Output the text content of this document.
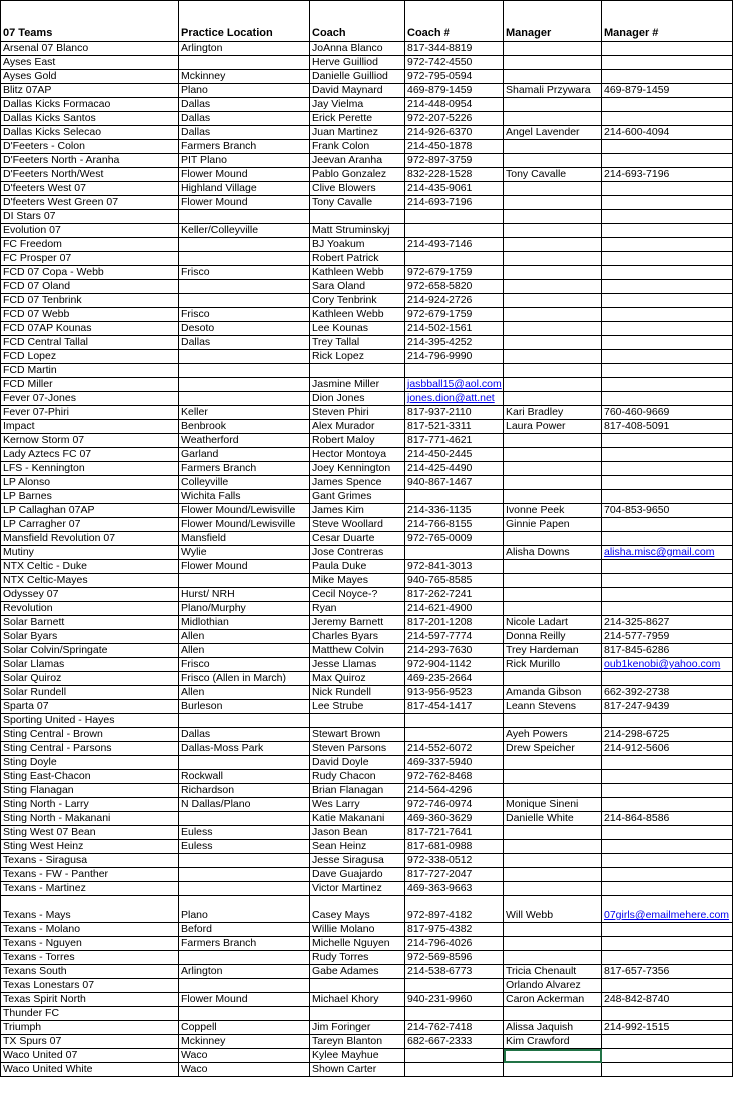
07 Teams	Practice Location	Coach	Coach #	Manager	Manager #
Arsenal 07 Blanco	Arlington	JoAnna Blanco	817-344-8819		
Ayses East		Herve Guilliod	972-742-4550		
Ayses Gold	Mckinney	Danielle Guilliod	972-795-0594		
Blitz 07AP	Plano	David Maynard	469-879-1459	Shamali Przywara	469-879-1459
Dallas Kicks Formacao	Dallas	Jay Vielma	214-448-0954		
Dallas Kicks Santos	Dallas	Erick Perette	972-207-5226		
Dallas Kicks Selecao	Dallas	Juan Martinez	214-926-6370	Angel Lavender	214-600-4094
D'Feeters - Colon	Farmers Branch	Frank Colon	214-450-1878		
D'Feeters North - Aranha	PIT Plano	Jeevan Aranha	972-897-3759		
D'Feeters North/West	Flower Mound	Pablo Gonzalez	832-228-1528	Tony Cavalle	214-693-7196
D'feeters West 07	Highland Village	Clive Blowers	214-435-9061		
D'feeters West Green 07	Flower Mound	Tony Cavalle	214-693-7196		
DI Stars 07					
Evolution 07	Keller/Colleyville	Matt Struminskyj			
FC Freedom		BJ Yoakum	214-493-7146		
FC Prosper 07		Robert Patrick			
FCD 07 Copa - Webb	Frisco	Kathleen Webb	972-679-1759		
FCD 07 Oland		Sara Oland	972-658-5820		
FCD 07 Tenbrink		Cory Tenbrink	214-924-2726		
FCD 07 Webb	Frisco	Kathleen Webb	972-679-1759		
FCD 07AP Kounas	Desoto	Lee Kounas	214-502-1561		
FCD Central Tallal	Dallas	Trey Tallal	214-395-4252		
FCD Lopez		Rick Lopez	214-796-9990		
FCD Martin					
FCD Miller		Jasmine Miller	jasbball15@aol.com		
Fever 07-Jones		Dion Jones	jones.dion@att.net		
Fever 07-Phiri	Keller	Steven Phiri	817-937-2110	Kari Bradley	760-460-9669
Impact	Benbrook	Alex Murador	817-521-3311	Laura Power	817-408-5091
Kernow Storm 07	Weatherford	Robert Maloy	817-771-4621		
Lady Aztecs FC 07	Garland	Hector Montoya	214-450-2445		
LFS - Kennington	Farmers Branch	Joey Kennington	214-425-4490		
LP Alonso	Colleyville	James Spence	940-867-1467		
LP Barnes	Wichita Falls	Gant Grimes			
LP Callaghan 07AP	Flower Mound/Lewisville	James Kim	214-336-1135	Ivonne Peek	704-853-9650
LP Carragher 07	Flower Mound/Lewisville	Steve Woollard	214-766-8155	Ginnie Papen	
Mansfield Revolution 07	Mansfield	Cesar Duarte	972-765-0009		
Mutiny	Wylie	Jose Contreras		Alisha Downs	alisha.misc@gmail.com
NTX Celtic - Duke	Flower Mound	Paula Duke	972-841-3013		
NTX Celtic-Mayes		Mike Mayes	940-765-8585		
Odyssey 07	Hurst/ NRH	Cecil Noyce-?	817-262-7241		
Revolution	Plano/Murphy	Ryan	214-621-4900		
Solar Barnett	Midlothian	Jeremy Barnett	817-201-1208	Nicole Ladart	214-325-8627
Solar Byars	Allen	Charles Byars	214-597-7774	Donna Reilly	214-577-7959
Solar Colvin/Springate	Allen	Matthew Colvin	214-293-7630	Trey Hardeman	817-845-6286
Solar Llamas	Frisco	Jesse Llamas	972-904-1142	Rick Murillo	oub1kenobi@yahoo.com
Solar Quiroz	Frisco (Allen in March)	Max Quiroz	469-235-2664		
Solar Rundell	Allen	Nick Rundell	913-956-9523	Amanda Gibson	662-392-2738
Sparta 07	Burleson	Lee Strube	817-454-1417	Leann Stevens	817-247-9439
Sporting United - Hayes					
Sting Central - Brown	Dallas	Stewart Brown		Ayeh Powers	214-298-6725
Sting Central - Parsons	Dallas-Moss Park	Steven Parsons	214-552-6072	Drew Speicher	214-912-5606
Sting Doyle		David Doyle	469-337-5940		
Sting East-Chacon	Rockwall	Rudy Chacon	972-762-8468		
Sting Flanagan	Richardson	Brian Flanagan	214-564-4296		
Sting North - Larry	N Dallas/Plano	Wes Larry	972-746-0974	Monique Sineni	
Sting North - Makanani		Katie Makanani	469-360-3629	Danielle White	214-864-8586
Sting West 07 Bean	Euless	Jason Bean	817-721-7641		
Sting West Heinz	Euless	Sean Heinz	817-681-0988		
Texans - Siragusa		Jesse Siragusa	972-338-0512		
Texans - FW - Panther		Dave Guajardo	817-727-2047		
Texans - Martinez		Victor Martinez	469-363-9663		
Texans - Mays	Plano	Casey Mays	972-897-4182	Will Webb	07girls@emailmehere.com
Texans - Molano	Beford	Willie Molano	817-975-4382		
Texans - Nguyen	Farmers Branch	Michelle Nguyen	214-796-4026		
Texans - Torres		Rudy Torres	972-569-8596		
Texans South	Arlington	Gabe Adames	214-538-6773	Tricia Chenault	817-657-7356
Texas Lonestars 07				Orlando Alvarez	
Texas Spirit North	Flower Mound	Michael Khory	940-231-9960	Caron Ackerman	248-842-8740
Thunder FC					
Triumph	Coppell	Jim Foringer	214-762-7418	Alissa Jaquish	214-992-1515
TX Spurs 07	Mckinney	Tareyn Blanton	682-667-2333	Kim Crawford	
Waco United 07	Waco	Kylee Mayhue			
Waco United White	Waco	Shown Carter			
